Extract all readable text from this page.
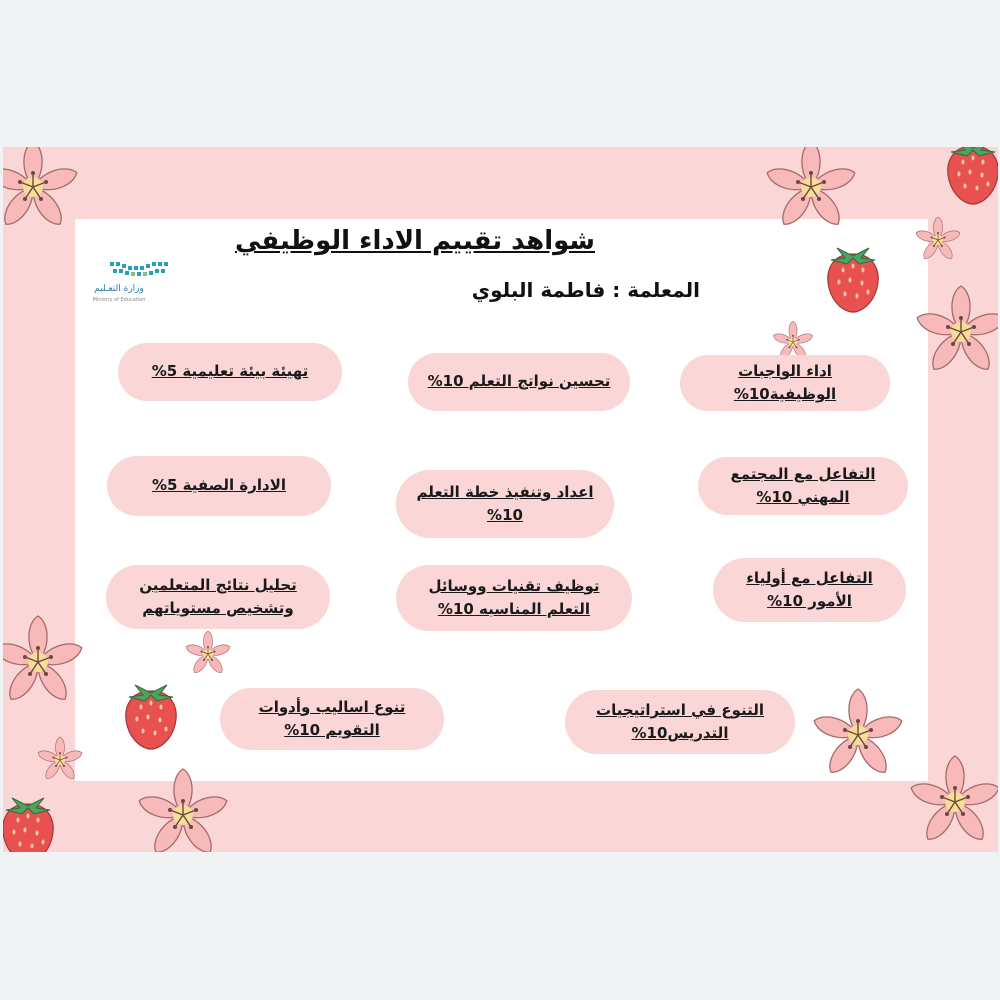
وزارة التعـليم
Ministry of Education
شواهد تقييم الاداء الوظيفي
المعلمة : فاطمة البلوي
اداء الواجبات الوظيفية10%
تحسين نواتج التعلم 10%
تهيئة بيئة تعليمية 5%
التفاعل مع المجتمع المهني 10%
اعداد وتنفيذ خطة التعلم 10%
الادارة الصفية 5%
التفاعل مع أولياء الأمور 10%
توظيف تقنيات ووسائل التعلم المناسبه 10%
تحليل نتائج المتعلمين وتشخيص مستوياتهم
التنوع في استراتيجيات التدريس10%
تنوع اساليب وأدوات التقويم 10%
